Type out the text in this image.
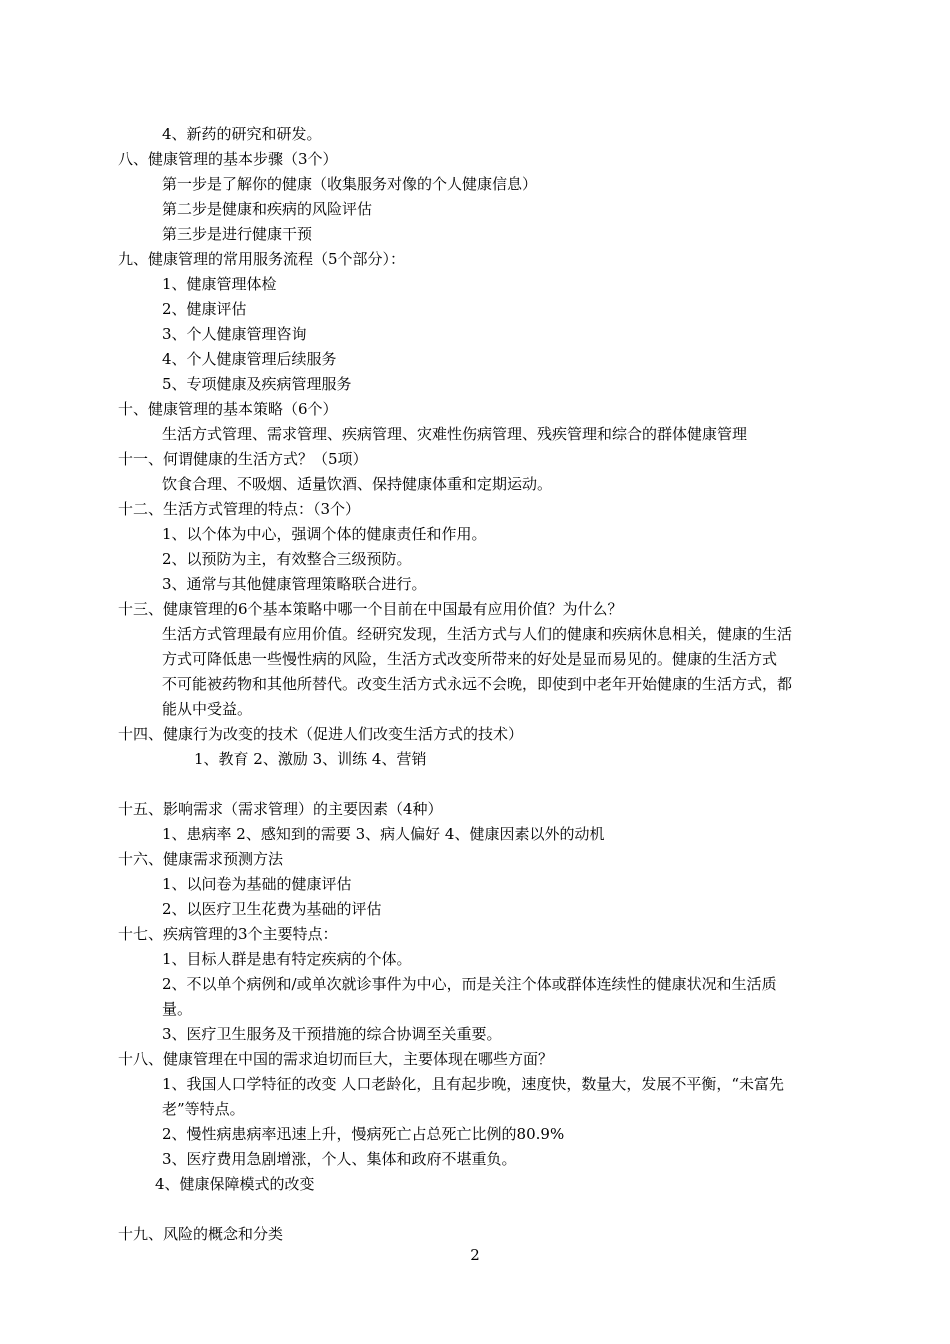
4、新药的研究和研发。
八、健康管理的基本步骤（3个）
第一步是了解你的健康（收集服务对像的个人健康信息）
第二步是健康和疾病的风险评估
第三步是进行健康干预
九、健康管理的常用服务流程（5个部分）：
1、健康管理体检
2、健康评估
3、个人健康管理咨询
4、个人健康管理后续服务
5、专项健康及疾病管理服务
十、健康管理的基本策略（6个）
生活方式管理、需求管理、疾病管理、灾难性伤病管理、残疾管理和综合的群体健康管理
十一、何谓健康的生活方式？（5项）
饮食合理、不吸烟、适量饮酒、保持健康体重和定期运动。
十二、生活方式管理的特点：（3个）
1、以个体为中心，强调个体的健康责任和作用。
2、以预防为主，有效整合三级预防。
3、通常与其他健康管理策略联合进行。
十三、健康管理的6个基本策略中哪一个目前在中国最有应用价值？为什么？
生活方式管理最有应用价值。经研究发现，生活方式与人们的健康和疾病休息相关，健康的生活
方式可降低患一些慢性病的风险，生活方式改变所带来的好处是显而易见的。健康的生活方式
不可能被药物和其他所替代。改变生活方式永远不会晚，即使到中老年开始健康的生活方式，都
能从中受益。
十四、健康行为改变的技术（促进人们改变生活方式的技术）
1、教育 2、激励 3、训练 4、营销
十五、影响需求（需求管理）的主要因素（4种）
1、患病率 2、感知到的需要 3、病人偏好 4、健康因素以外的动机
十六、健康需求预测方法
1、以问卷为基础的健康评估
2、以医疗卫生花费为基础的评估
十七、疾病管理的3个主要特点：
1、目标人群是患有特定疾病的个体。
2、不以单个病例和/或单次就诊事件为中心，而是关注个体或群体连续性的健康状况和生活质
量。
3、医疗卫生服务及干预措施的综合协调至关重要。
十八、健康管理在中国的需求迫切而巨大，主要体现在哪些方面？
1、我国人口学特征的改变 人口老龄化，且有起步晚，速度快，数量大，发展不平衡，“未富先
老”等特点。
2、慢性病患病率迅速上升，慢病死亡占总死亡比例的80.9%
3、医疗费用急剧增涨，个人、集体和政府不堪重负。
4、健康保障模式的改变
十九、风险的概念和分类
2
